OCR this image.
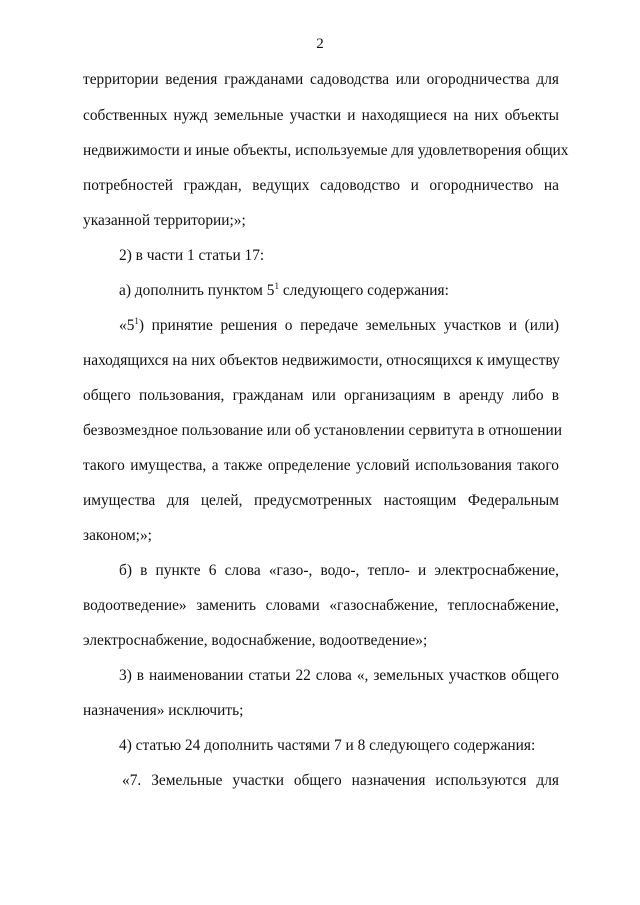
2
территории ведения гражданами садоводства или огородничества для
собственных нужд земельные участки и находящиеся на них объекты
недвижимости и иные объекты, используемые для удовлетворения общих
потребностей граждан, ведущих садоводство и огородничество на
указанной территории;»;
2) в части 1 статьи 17:
а) дополнить пунктом $5^1$ следующего содержания:
«$5^1$) принятие решения о передаче земельных участков и (или)
находящихся на них объектов недвижимости, относящихся к имуществу
общего пользования, гражданам или организациям в аренду либо в
безвозмездное пользование или об установлении сервитута в отношении
такого имущества, а также определение условий использования такого
имущества для целей, предусмотренных настоящим Федеральным
законом;»;
б) в пункте 6 слова «газо-, водо-, тепло- и электроснабжение,
водоотведение» заменить словами «газоснабжение, теплоснабжение,
электроснабжение, водоснабжение, водоотведение»;
3) в наименовании статьи 22 слова «, земельных участков общего
назначения» исключить;
4) статью 24 дополнить частями 7 и 8 следующего содержания:
«7. Земельные участки общего назначения используются для
